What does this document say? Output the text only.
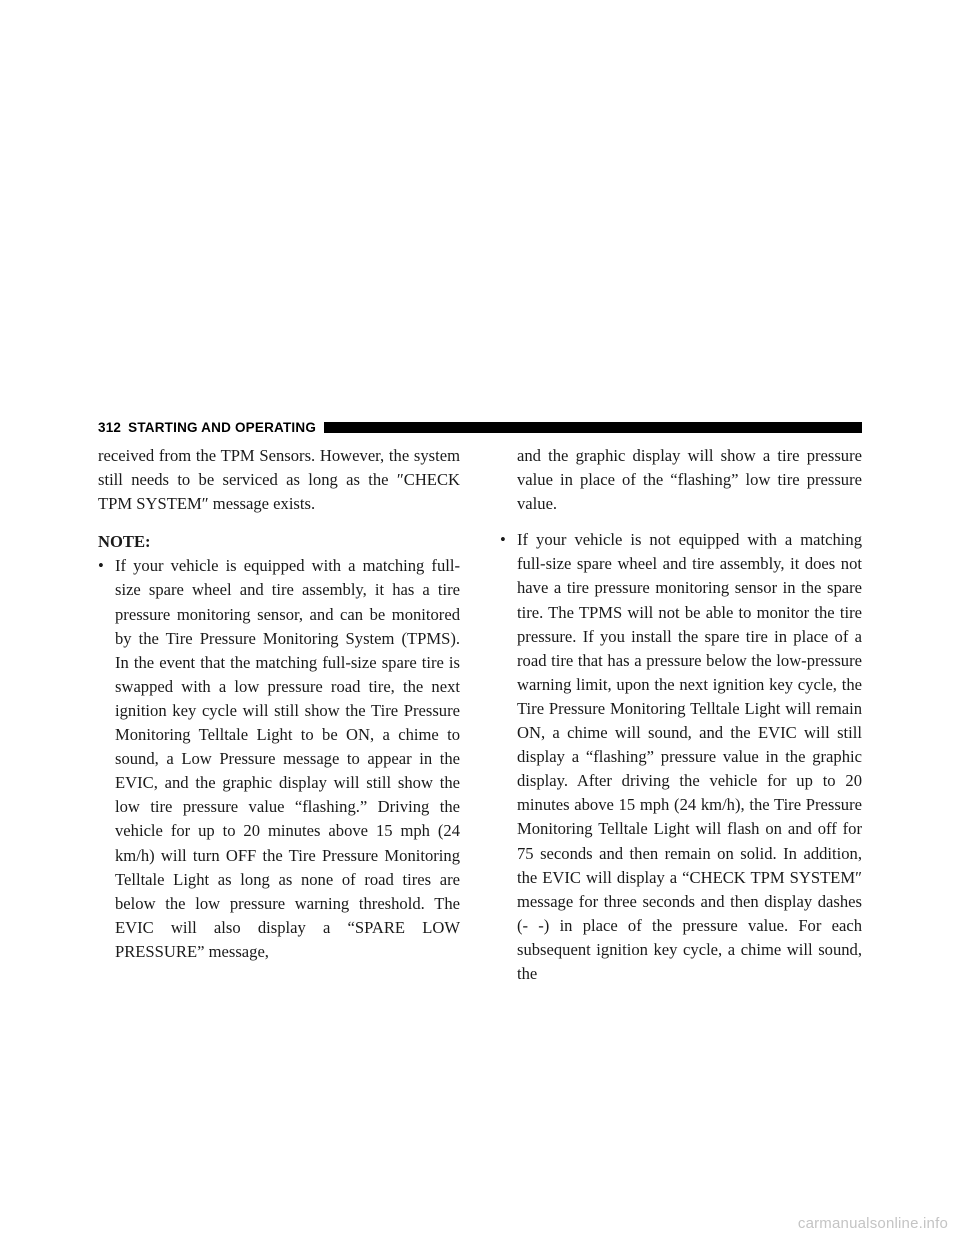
312 STARTING AND OPERATING

received from the TPM Sensors. However, the system still needs to be serviced as long as the ″CHECK TPM SYSTEM″ message exists.

NOTE:

• If your vehicle is equipped with a matching full-size spare wheel and tire assembly, it has a tire pressure monitoring sensor, and can be monitored by the Tire Pressure Monitoring System (TPMS). In the event that the matching full-size spare tire is swapped with a low pressure road tire, the next ignition key cycle will still show the Tire Pressure Monitoring Telltale Light to be ON, a chime to sound, a Low Pressure message to appear in the EVIC, and the graphic display will still show the low tire pressure value “flashing.” Driving the vehicle for up to 20 minutes above 15 mph (24 km/h) will turn OFF the Tire Pressure Monitoring Telltale Light as long as none of road tires are below the low pressure warning threshold. The EVIC will also display a “SPARE LOW PRESSURE” message,

and the graphic display will show a tire pressure value in place of the “flashing” low tire pressure value.

• If your vehicle is not equipped with a matching full-size spare wheel and tire assembly, it does not have a tire pressure monitoring sensor in the spare tire. The TPMS will not be able to monitor the tire pressure. If you install the spare tire in place of a road tire that has a pressure below the low-pressure warning limit, upon the next ignition key cycle, the Tire Pressure Monitoring Telltale Light will remain ON, a chime will sound, and the EVIC will still display a “flashing” pressure value in the graphic display. After driving the vehicle for up to 20 minutes above 15 mph (24 km/h), the Tire Pressure Monitoring Telltale Light will flash on and off for 75 seconds and then remain on solid. In addition, the EVIC will display a “CHECK TPM SYSTEM″ message for three seconds and then display dashes (- -) in place of the pressure value. For each subsequent ignition key cycle, a chime will sound, the

carmanualsonline.info
